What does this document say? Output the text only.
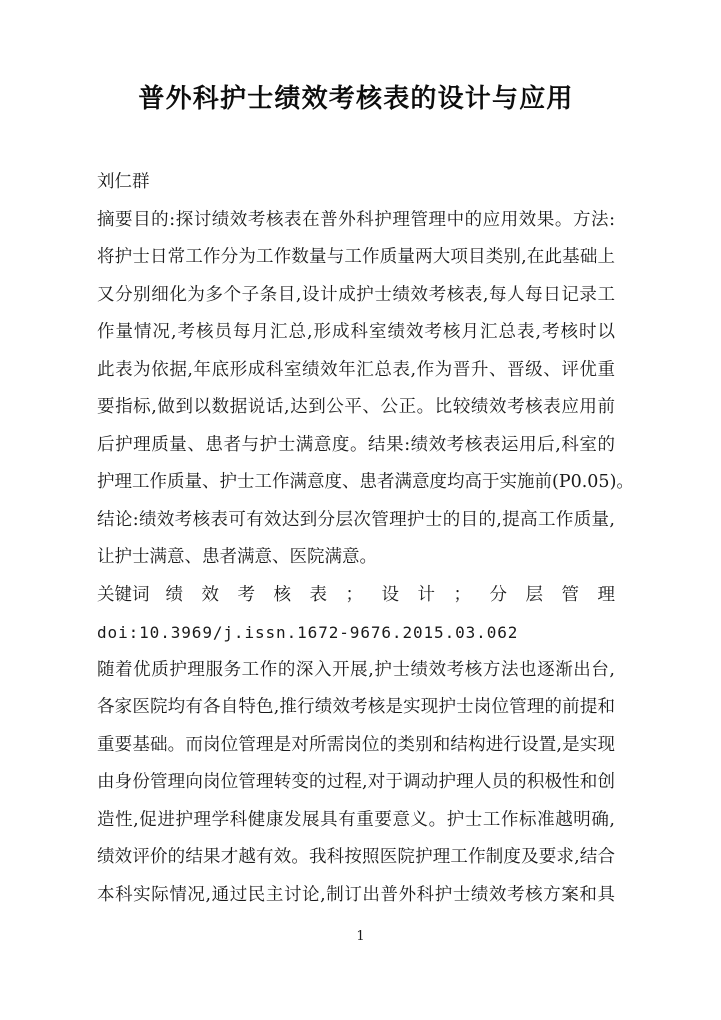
普外科护士绩效考核表的设计与应用

刘仁群

摘要目的:探讨绩效考核表在普外科护理管理中的应用效果。方法:

将护士日常工作分为工作数量与工作质量两大项目类别,在此基础上

又分别细化为多个子条目,设计成护士绩效考核表,每人每日记录工

作量情况,考核员每月汇总,形成科室绩效考核月汇总表,考核时以

此表为依据,年底形成科室绩效年汇总表,作为晋升、晋级、评优重

要指标,做到以数据说话,达到公平、公正。比较绩效考核表应用前

后护理质量、患者与护士满意度。结果:绩效考核表运用后,科室的

护理工作质量、护士工作满意度、患者满意度均高于实施前(P0.05)。

结论:绩效考核表可有效达到分层次管理护士的目的,提高工作质量,

让护士满意、患者满意、医院满意。

关键词 绩 效 考 核 表 ； 设 计 ； 分 层 管 理

doi:10.3969/j.issn.1672-9676.2015.03.062

随着优质护理服务工作的深入开展,护士绩效考核方法也逐渐出台,

各家医院均有各自特色,推行绩效考核是实现护士岗位管理的前提和

重要基础。而岗位管理是对所需岗位的类别和结构进行设置,是实现

由身份管理向岗位管理转变的过程,对于调动护理人员的积极性和创

造性,促进护理学科健康发展具有重要意义。护士工作标准越明确,

绩效评价的结果才越有效。我科按照医院护理工作制度及要求,结合

本科实际情况,通过民主讨论,制订出普外科护士绩效考核方案和具

1
